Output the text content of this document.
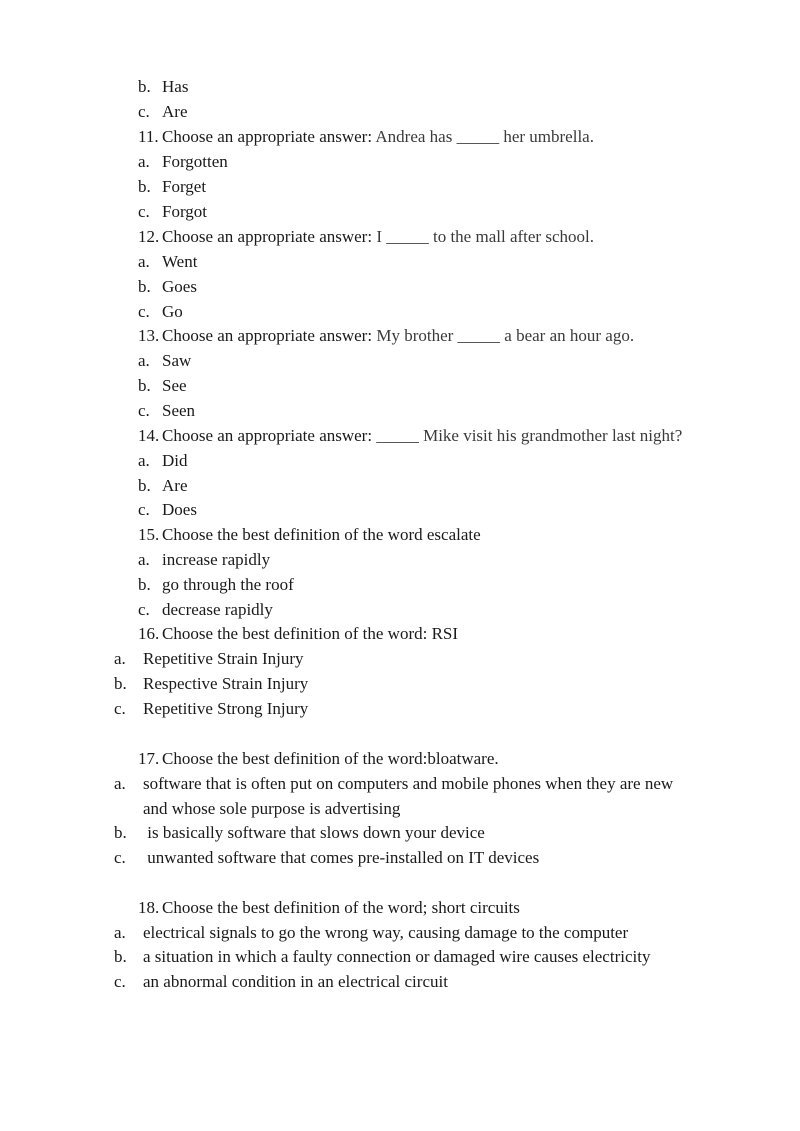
b. Has
c. Are
11. Choose an appropriate answer: Andrea has _____ her umbrella.
a. Forgotten
b. Forget
c. Forgot
12. Choose an appropriate answer: I _____ to the mall after school.
a. Went
b. Goes
c. Go
13. Choose an appropriate answer: My brother _____ a bear an hour ago.
a. Saw
b. See
c. Seen
14. Choose an appropriate answer: _____ Mike visit his grandmother last night?
a. Did
b. Are
c. Does
15. Choose the best definition of the word escalate
a. increase rapidly
b. go through the roof
c. decrease rapidly
16. Choose the best definition of the word: RSI
a. Repetitive Strain Injury
b. Respective Strain Injury
c. Repetitive Strong Injury
17. Choose the best definition of the word:bloatware.
a. software that is often put on computers and mobile phones when they are new
and whose sole purpose is advertising
b. is basically software that slows down your device
c. unwanted software that comes pre-installed on IT devices
18. Choose the best definition of the word; short circuits
a. electrical signals to go the wrong way, causing damage to the computer
b. a situation in which a faulty connection or damaged wire causes electricity
c. an abnormal condition in an electrical circuit
